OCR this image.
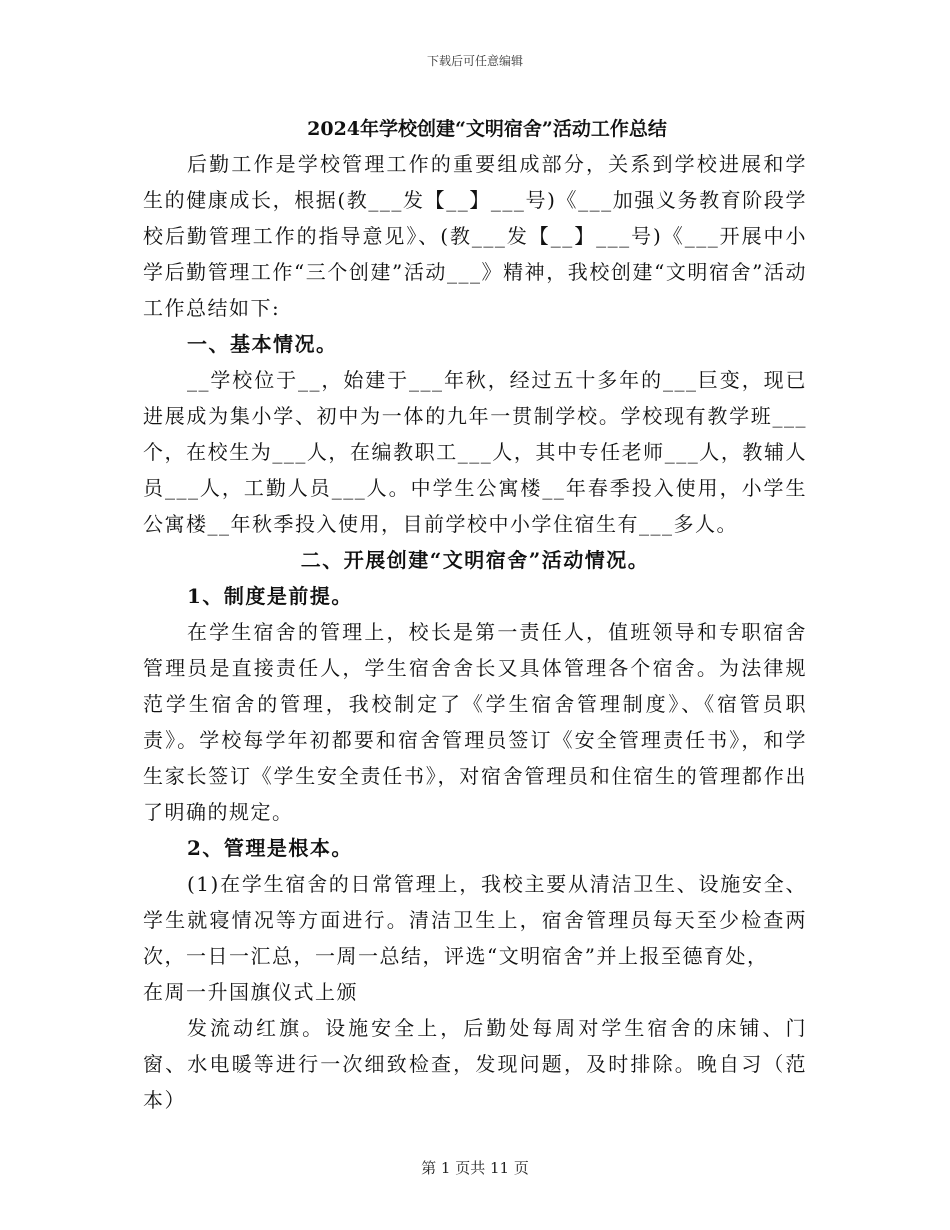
下载后可任意编辑

2024年学校创建“文明宿舍”活动工作总结

后勤工作是学校管理工作的重要组成部分，关系到学校进展和学生的健康成长，根据(教___发【__】___号)《___加强义务教育阶段学校后勤管理工作的指导意见》、(教___发【__】___号)《___开展中小学后勤管理工作“三个创建”活动___》精神，我校创建“文明宿舍”活动工作总结如下:

一、基本情况。

__学校位于__，始建于___年秋，经过五十多年的___巨变，现已进展成为集小学、初中为一体的九年一贯制学校。学校现有教学班___个，在校生为___人，在编教职工___人，其中专任老师___人，教辅人员___人，工勤人员___人。中学生公寓楼__年春季投入使用，小学生公寓楼__年秋季投入使用，目前学校中小学住宿生有___多人。

二、开展创建“文明宿舍”活动情况。

1、制度是前提。

在学生宿舍的管理上，校长是第一责任人，值班领导和专职宿舍管理员是直接责任人，学生宿舍舍长又具体管理各个宿舍。为法律规范学生宿舍的管理，我校制定了《学生宿舍管理制度》、《宿管员职责》。学校每学年初都要和宿舍管理员签订《安全管理责任书》，和学生家长签订《学生安全责任书》，对宿舍管理员和住宿生的管理都作出了明确的规定。

2、管理是根本。

(1)在学生宿舍的日常管理上，我校主要从清洁卫生、设施安全、学生就寝情况等方面进行。清洁卫生上，宿舍管理员每天至少检查两次，一日一汇总，一周一总结，评选“文明宿舍”并上报至德育处，

在周一升国旗仪式上颁

发流动红旗。设施安全上，后勤处每周对学生宿舍的床铺、门窗、水电暖等进行一次细致检查，发现问题，及时排除。晚自习（范本）

第 1 页共 11 页
